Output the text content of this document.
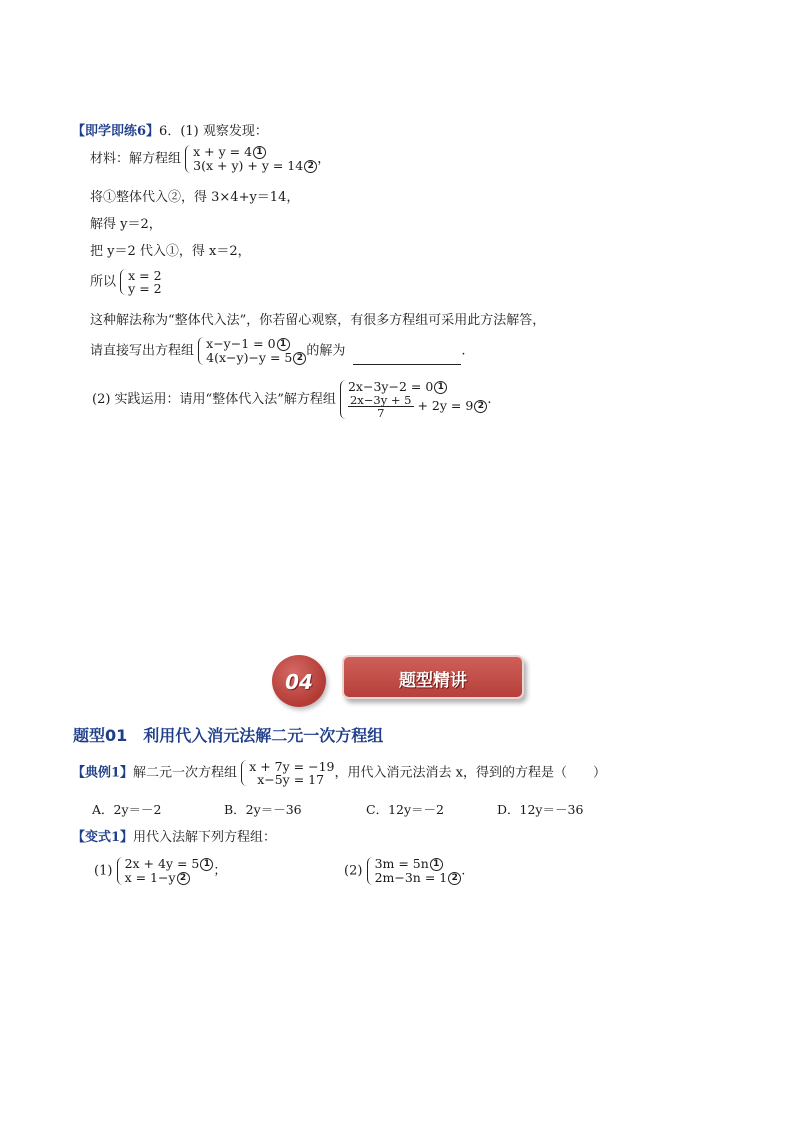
【即学即练6】6．(1) 观察发现：
材料：解方程组 x + y = 4 1
3(x + y) + y = 14 2 ，
将①整体代入②，得 3×4+y＝14，
解得 y＝2，
把 y＝2 代入①，得 x＝2，
所以 x = 2
y = 2
这种解法称为“整体代入法”，你若留心观察，有很多方程组可采用此方法解答，
请直接写出方程组 x−y−1 = 0 1
4(x−y)−y = 5 2 的解为	.
(2) 实践运用：请用“整体代入法”解方程组
2x−3y−2 = 0 1
$\frac{2x-3y + 5}{7} + 2y = 9$ 2 .
04	题型精讲
题型01　利用代入消元法解二元一次方程组
【典例1】解二元一次方程组 x + 7y = −19
x−5y = 17 ，用代入消元法消去 x，得到的方程是（　　）
A．2y＝－2	B．2y＝－36	C．12y＝－2	D．12y＝－36
【变式1】用代入法解下列方程组：
(1) 2x + 4y = 5 1
x = 1−y 2	；	(2) 3m = 5n 1
2m−3n = 1 2 .
